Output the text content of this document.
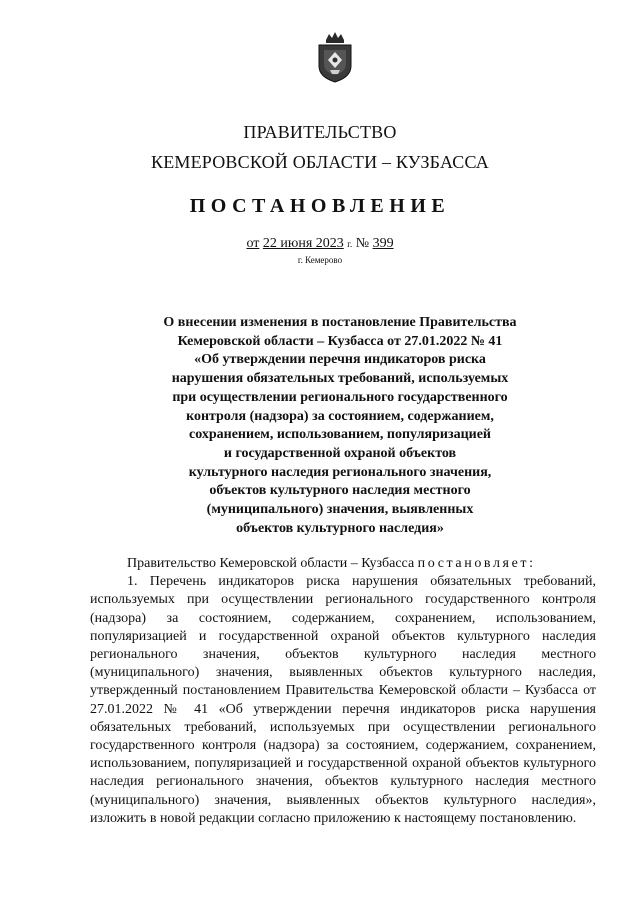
ПРАВИТЕЛЬСТВО
КЕМЕРОВСКОЙ ОБЛАСТИ – КУЗБАССА
ПОСТАНОВЛЕНИЕ
от 22 июня 2023 г. № 399
г. Кемерово
О внесении изменения в постановление Правительства
Кемеровской области – Кузбасса от 27.01.2022 № 41
«Об утверждении перечня индикаторов риска
нарушения обязательных требований, используемых
при осуществлении регионального государственного
контроля (надзора) за состоянием, содержанием,
сохранением, использованием, популяризацией
и государственной охраной объектов
культурного наследия регионального значения,
объектов культурного наследия местного
(муниципального) значения, выявленных
объектов культурного наследия»

Правительство Кемеровской области – Кузбасса постановляет:

1. Перечень индикаторов риска нарушения обязательных требований, используемых при осуществлении регионального государственного контроля (надзора) за состоянием, содержанием, сохранением, использованием, популяризацией и государственной охраной объектов культурного наследия регионального значения, объектов культурного наследия местного (муниципального) значения, выявленных объектов культурного наследия, утвержденный постановлением Правительства Кемеровской области – Кузбасса от 27.01.2022 № 41 «Об утверждении перечня индикаторов риска нарушения обязательных требований, используемых при осуществлении регионального государственного контроля (надзора) за состоянием, содержанием, сохранением, использованием, популяризацией и государственной охраной объектов культурного наследия регионального значения, объектов культурного наследия местного (муниципального) значения, выявленных объектов культурного наследия», изложить в новой редакции согласно приложению к настоящему постановлению.
